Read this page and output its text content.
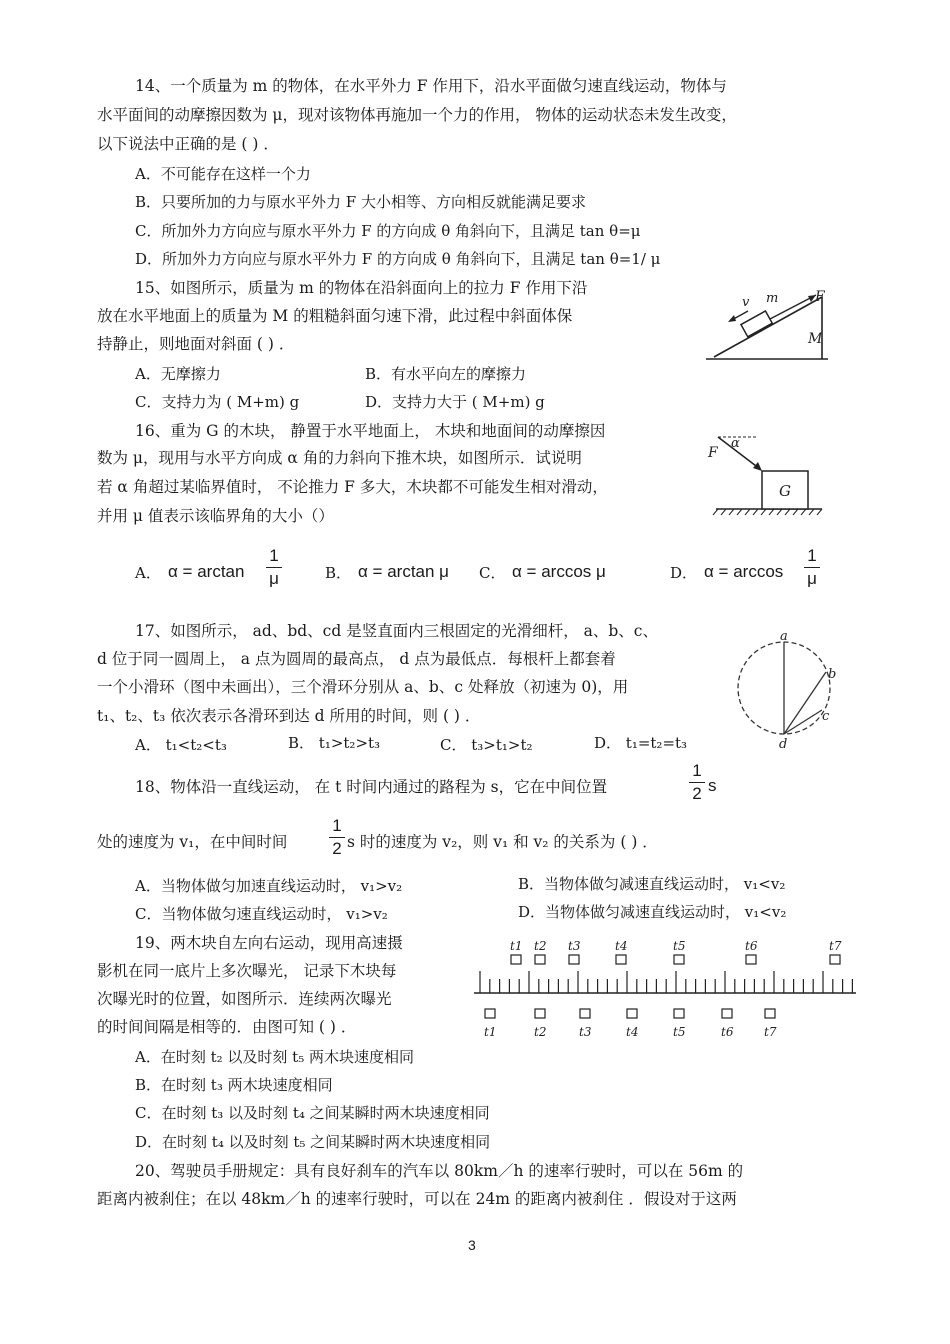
14、一个质量为 m 的物体，在水平外力 F 作用下，沿水平面做匀速直线运动，物体与
水平面间的动摩擦因数为 μ，现对该物体再施加一个力的作用， 物体的运动状态未发生改变，
以下说法中正确的是 ( ) ．
A．不可能存在这样一个力
B．只要所加的力与原水平外力 F 大小相等、方向相反就能满足要求
C．所加外力方向应与原水平外力 F 的方向成 θ 角斜向下，且满足 tan θ=μ
D．所加外力方向应与原水平外力 F 的方向成 θ 角斜向下，且满足 tan θ=1/ μ
15、如图所示，质量为 m 的物体在沿斜面向上的拉力 F 作用下沿
放在水平地面上的质量为 M 的粗糙斜面匀速下滑，此过程中斜面体保
持静止，则地面对斜面 ( ) ．
A．无摩擦力	B．有水平向左的摩擦力
C．支持力为 ( M+m) g	D．支持力大于 ( M+m) g
v m	F
M
16、重为 G 的木块， 静置于水平地面上， 木块和地面间的动摩擦因
数为 μ，现用与水平方向成 α 角的力斜向下推木块，如图所示．试说明
若 α 角超过某临界值时， 不论推力 F 多大，木块都不可能发生相对滑动，
并用 μ 值表示该临界角的大小（）
F
α
G
A． α = arctan
1
μ	B． α = arctan μ C． α = arccos μ	D． α = arccos
1
μ
17、如图所示， ad、bd、cd 是竖直面内三根固定的光滑细杆， a、b、c、
d 位于同一圆周上， a 点为圆周的最高点， d 点为最低点．每根杆上都套着
一个小滑环（图中未画出），三个滑环分别从 a、b、c 处释放（初速为 0)，用
t₁、t₂、t₃ 依次表示各滑环到达 d 所用的时间，则 ( ) ．
A． t₁<t₂<t₃	B． t₁>t₂>t₃	C． t₃>t₁>t₂	D． t₁=t₂=t₃
a
b
c
d
18、物体沿一直线运动， 在 t 时间内通过的路程为 s，它在中间位置
1
2 s
处的速度为 v₁，在中间时间
1
2 s 时的速度为 v₂，则 v₁ 和 v₂ 的关系为 ( ) ．
A．当物体做匀加速直线运动时， v₁>v₂	B．当物体做匀减速直线运动时， v₁<v₂
C．当物体做匀速直线运动时， v₁>v₂	D．当物体做匀减速直线运动时， v₁<v₂
19、两木块自左向右运动，现用高速摄
影机在同一底片上多次曝光， 记录下木块每
次曝光时的位置，如图所示．连续两次曝光
的时间间隔是相等的．由图可知 ( ) ．
t1 t2 t3	t4	t5	t6	t7
t1	t2	t3	t4	t5	t6	t7
A．在时刻 t₂ 以及时刻 t₅ 两木块速度相同
B．在时刻 t₃ 两木块速度相同
C．在时刻 t₃ 以及时刻 t₄ 之间某瞬时两木块速度相同
D．在时刻 t₄ 以及时刻 t₅ 之间某瞬时两木块速度相同
20、驾驶员手册规定：具有良好刹车的汽车以 80km／h 的速率行驶时，可以在 56m 的
距离内被刹住；在以 48km／h 的速率行驶时，可以在 24m 的距离内被刹住 ．假设对于这两
3
